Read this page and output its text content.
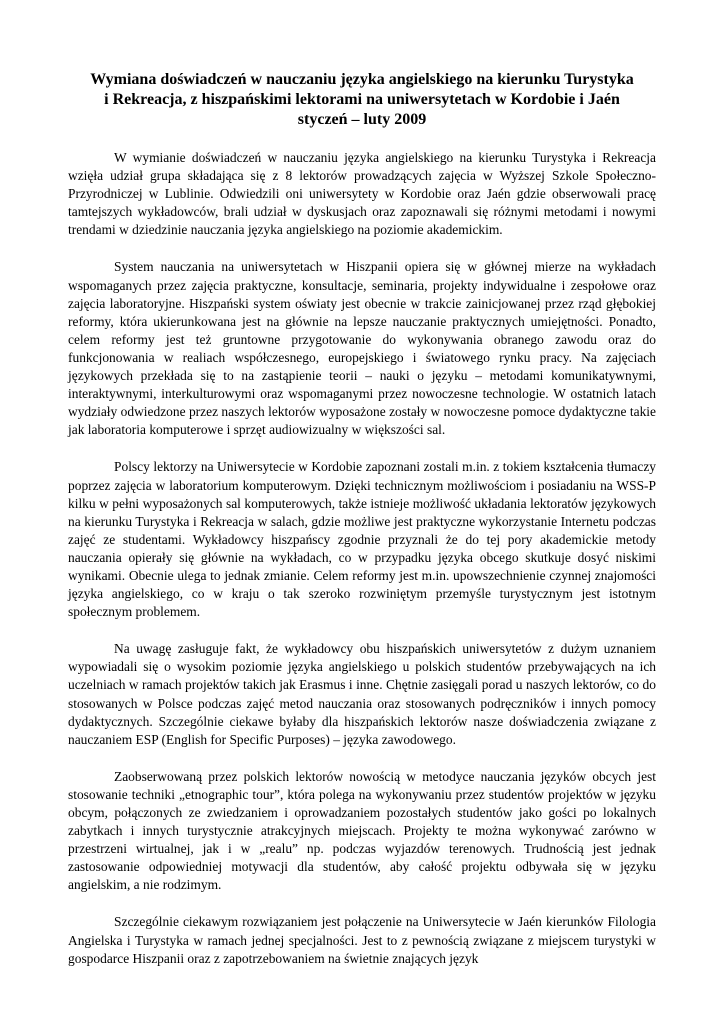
Wymiana doświadczeń w nauczaniu języka angielskiego na kierunku Turystyka
i Rekreacja, z hiszpańskimi lektorami na uniwersytetach w Kordobie i Jaén
styczeń – luty 2009

W wymianie doświadczeń w nauczaniu języka angielskiego na kierunku Turystyka i Rekreacja wzięła udział grupa składająca się z 8 lektorów prowadzących zajęcia w Wyższej Szkole Społeczno-Przyrodniczej w Lublinie. Odwiedzili oni uniwersytety w Kordobie oraz Jaén gdzie obserwowali pracę tamtejszych wykładowców, brali udział w dyskusjach oraz zapoznawali się różnymi metodami i nowymi trendami w dziedzinie nauczania języka angielskiego na poziomie akademickim.

System nauczania na uniwersytetach w Hiszpanii opiera się w głównej mierze na wykładach wspomaganych przez zajęcia praktyczne, konsultacje, seminaria, projekty indywidualne i zespołowe oraz zajęcia laboratoryjne. Hiszpański system oświaty jest obecnie w trakcie zainicjowanej przez rząd głębokiej reformy, która ukierunkowana jest na głównie na lepsze nauczanie praktycznych umiejętności. Ponadto, celem reformy jest też gruntowne przygotowanie do wykonywania obranego zawodu oraz do funkcjonowania w realiach współczesnego, europejskiego i światowego rynku pracy. Na zajęciach językowych przekłada się to na zastąpienie teorii – nauki o języku – metodami komunikatywnymi, interaktywnymi, interkulturowymi oraz wspomaganymi przez nowoczesne technologie. W ostatnich latach wydziały odwiedzone przez naszych lektorów wyposażone zostały w nowoczesne pomoce dydaktyczne takie jak laboratoria komputerowe i sprzęt audiowizualny w większości sal.

Polscy lektorzy na Uniwersytecie w Kordobie zapoznani zostali m.in. z tokiem kształcenia tłumaczy poprzez zajęcia w laboratorium komputerowym. Dzięki technicznym możliwościom i posiadaniu na WSS-P kilku w pełni wyposażonych sal komputerowych, także istnieje możliwość układania lektoratów językowych na kierunku Turystyka i Rekreacja w salach, gdzie możliwe jest praktyczne wykorzystanie Internetu podczas zajęć ze studentami. Wykładowcy hiszpańscy zgodnie przyznali że do tej pory akademickie metody nauczania opierały się głównie na wykładach, co w przypadku języka obcego skutkuje dosyć niskimi wynikami. Obecnie ulega to jednak zmianie. Celem reformy jest m.in. upowszechnienie czynnej znajomości języka angielskiego, co w kraju o tak szeroko rozwiniętym przemyśle turystycznym jest istotnym społecznym problemem.

Na uwagę zasługuje fakt, że wykładowcy obu hiszpańskich uniwersytetów z dużym uznaniem wypowiadali się o wysokim poziomie języka angielskiego u polskich studentów przebywających na ich uczelniach w ramach projektów takich jak Erasmus i inne. Chętnie zasięgali porad u naszych lektorów, co do stosowanych w Polsce podczas zajęć metod nauczania oraz stosowanych podręczników i innych pomocy dydaktycznych. Szczególnie ciekawe byłaby dla hiszpańskich lektorów nasze doświadczenia związane z nauczaniem ESP (English for Specific Purposes) – języka zawodowego.

Zaobserwowaną przez polskich lektorów nowością w metodyce nauczania języków obcych jest stosowanie techniki „etnographic tour”, która polega na wykonywaniu przez studentów projektów w języku obcym, połączonych ze zwiedzaniem i oprowadzaniem pozostałych studentów jako gości po lokalnych zabytkach i innych turystycznie atrakcyjnych miejscach. Projekty te można wykonywać zarówno w przestrzeni wirtualnej, jak i w „realu” np. podczas wyjazdów terenowych. Trudnością jest jednak zastosowanie odpowiedniej motywacji dla studentów, aby całość projektu odbywała się w języku angielskim, a nie rodzimym.

Szczególnie ciekawym rozwiązaniem jest połączenie na Uniwersytecie w Jaén kierunków Filologia Angielska i Turystyka w ramach jednej specjalności. Jest to z pewnością związane z miejscem turystyki w gospodarce Hiszpanii oraz z zapotrzebowaniem na świetnie znających język
